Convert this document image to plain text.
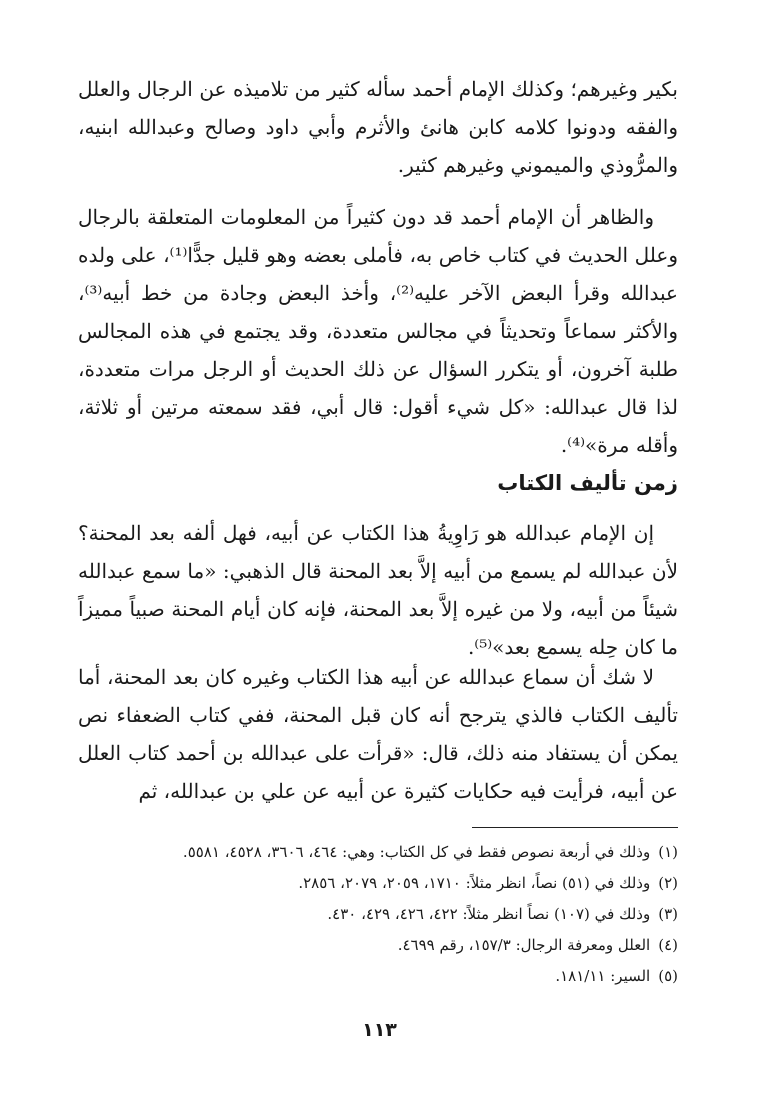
بكير وغيرهم؛ وكذلك الإمام أحمد سأله كثير من تلاميذه عن الرجال والعلل والفقه ودونوا كلامه كابن هانئ والأثرم وأبي داود وصالح وعبدالله ابنيه، والمرُّوذي والميموني وغيرهم كثير.

والظاهر أن الإمام أحمد قد دون كثيراً من المعلومات المتعلقة بالرجال وعلل الحديث في كتاب خاص به، فأملى بعضه وهو قليل جدًّا⁽¹⁾، على ولده عبدالله وقرأ البعض الآخر عليه⁽²⁾، وأخذ البعض وجادة من خط أبيه⁽³⁾، والأكثر سماعاً وتحديثاً في مجالس متعددة، وقد يجتمع في هذه المجالس طلبة آخرون، أو يتكرر السؤال عن ذلك الحديث أو الرجل مرات متعددة، لذا قال عبدالله: «كل شيء أقول: قال أبي، فقد سمعته مرتين أو ثلاثة، وأقله مرة»⁽⁴⁾.

زمن تأليف الكتاب

إن الإمام عبدالله هو رَاوِيةُ هذا الكتاب عن أبيه، فهل ألفه بعد المحنة؟ لأن عبدالله لم يسمع من أبيه إلاَّ بعد المحنة قال الذهبي: «ما سمع عبدالله شيئاً من أبيه، ولا من غيره إلاَّ بعد المحنة، فإنه كان أيام المحنة صبياً مميزاً ما كان حِله يسمع بعد»⁽⁵⁾.

لا شك أن سماع عبدالله عن أبيه هذا الكتاب وغيره كان بعد المحنة، أما تأليف الكتاب فالذي يترجح أنه كان قبل المحنة، ففي كتاب الضعفاء نص يمكن أن يستفاد منه ذلك، قال: «قرأت على عبدالله بن أحمد كتاب العلل عن أبيه، فرأيت فيه حكايات كثيرة عن أبيه عن علي بن عبدالله، ثم

(١)وذلك في أربعة نصوص فقط في كل الكتاب: وهي: ٤٦٤، ٣٦٠٦، ٤٥٢٨، ٥٥٨١.

(٢)وذلك في (٥١) نصاً، انظر مثلاً: ١٧١٠، ٢٠٥٩، ٢٠٧٩، ٢٨٥٦.

(٣)وذلك في (١٠٧) نصاً انظر مثلاً: ٤٢٢، ٤٢٦، ٤٢٩، ٤٣٠.

(٤)العلل ومعرفة الرجال: ١٥٧/٣، رقم ٤٦٩٩.

(٥)السير: ١٨١/١١.

١١٣
